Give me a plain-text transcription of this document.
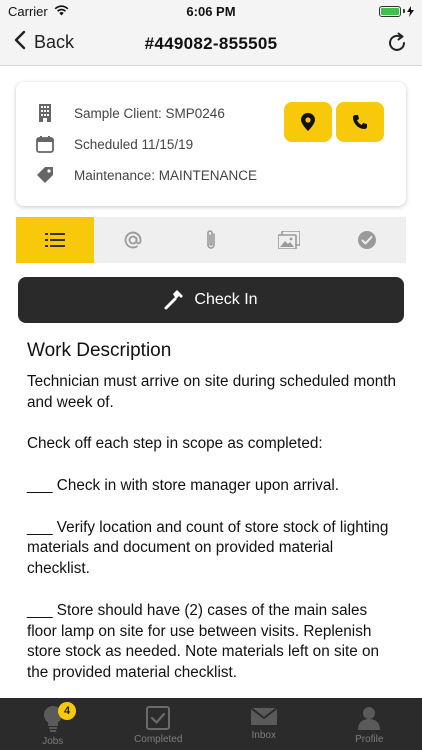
Carrier	6:06 PM
Back	#449082-855505
Sample Client: SMP0246
Scheduled 11/15/19
Maintenance: MAINTENANCE
Check In
Work Description

Technician must arrive on site during scheduled month and week of.

Check off each step in scope as completed:

___ Check in with store manager upon arrival.

___ Verify location and count of store stock of lighting materials and document on provided material checklist.

___ Store should have (2) cases of the main sales floor lamp on site for use between visits. Replenish store stock as needed. Note materials left on site on the provided material checklist.

4
Jobs	Completed	Inbox	Profile
